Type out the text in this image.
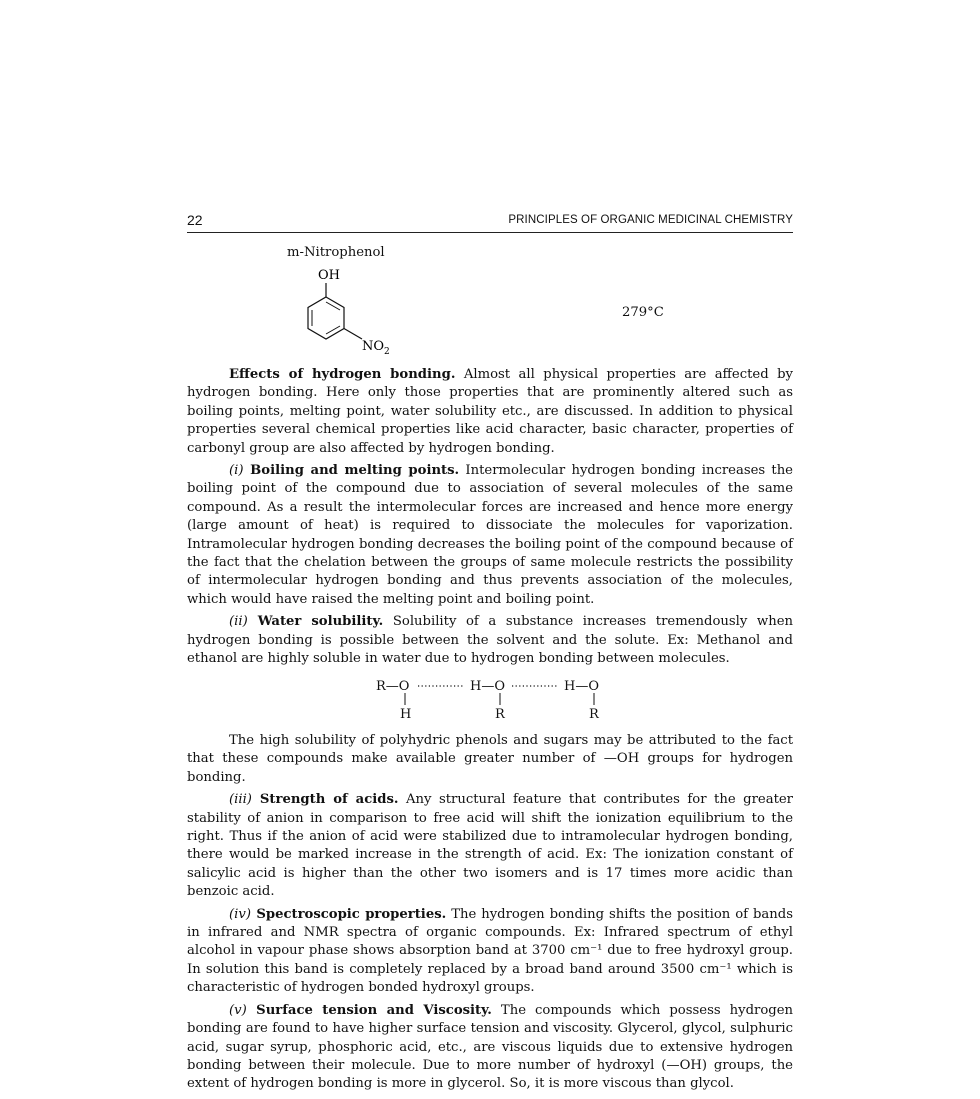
22	PRINCIPLES OF ORGANIC MEDICINAL CHEMISTRY
m-Nitrophenol
OH
$NO_2$
279°C

Effects of hydrogen bonding. Almost all physical properties are affected by hydrogen bonding. Here only those properties that are prominently altered such as boiling points, melting point, water solubility etc., are discussed. In addition to physical properties several chemical properties like acid character, basic character, properties of carbonyl group are also affected by hydrogen bonding.

(i) Boiling and melting points. Intermolecular hydrogen bonding increases the boiling point of the compound due to association of several molecules of the same compound. As a result the intermolecular forces are increased and hence more energy (large amount of heat) is required to dissociate the molecules for vaporization. Intramolecular hydrogen bonding decreases the boiling point of the compound because of the fact that the chelation between the groups of same molecule restricts the possibility of intermolecular hydrogen bonding and thus prevents association of the molecules, which would have raised the melting point and boiling point.

(ii) Water solubility. Solubility of a substance increases tremendously when hydrogen bonding is possible between the solvent and the solute. Ex: Methanol and ethanol are highly soluble in water due to hydrogen bonding between molecules.

R—O	H—O	H—O
H	R	R

The high solubility of polyhydric phenols and sugars may be attributed to the fact that these compounds make available greater number of —OH groups for hydrogen bonding.

(iii) Strength of acids. Any structural feature that contributes for the greater stability of anion in comparison to free acid will shift the ionization equilibrium to the right. Thus if the anion of acid were stabilized due to intramolecular hydrogen bonding, there would be marked increase in the strength of acid. Ex: The ionization constant of salicylic acid is higher than the other two isomers and is 17 times more acidic than benzoic acid.

(iv) Spectroscopic properties. The hydrogen bonding shifts the position of bands in infrared and NMR spectra of organic compounds. Ex: Infrared spectrum of ethyl alcohol in vapour phase shows absorption band at 3700 cm⁻¹ due to free hydroxyl group. In solution this band is completely replaced by a broad band around 3500 cm⁻¹ which is characteristic of hydrogen bonded hydroxyl groups.

(v) Surface tension and Viscosity. The compounds which possess hydrogen bonding are found to have higher surface tension and viscosity. Glycerol, glycol, sulphuric acid, sugar syrup, phosphoric acid, etc., are viscous liquids due to extensive hydrogen bonding between their molecule. Due to more number of hydroxyl (—OH) groups, the extent of hydrogen bonding is more in glycerol. So, it is more viscous than glycol.
